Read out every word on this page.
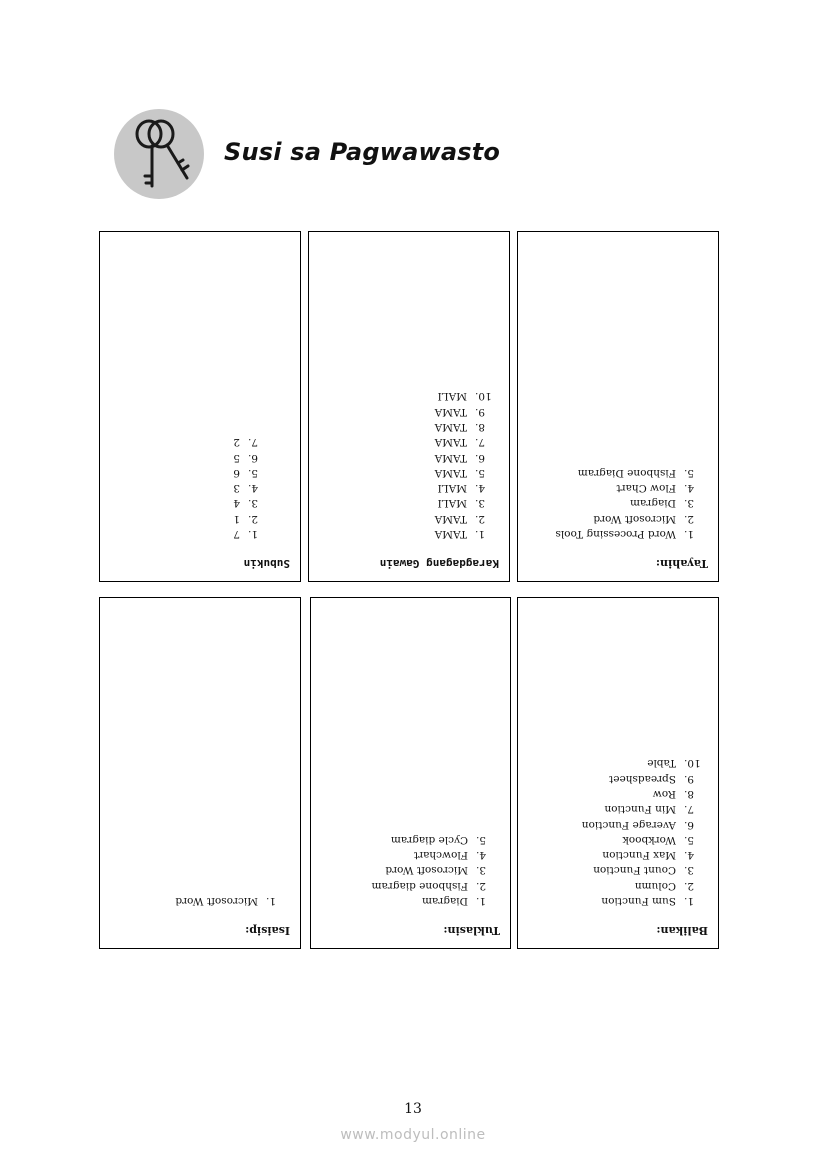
Susi sa Pagwawasto
Subukin
1.7
2.1
3.4
4.3
5.6
6.5
7.2
Karagdagang Gawain
1.TAMA
2.TAMA
3.MALI
4.MALI
5.TAMA
6.TAMA
7.TAMA
8.TAMA
9.TAMA
10.MALI
Tayahin:
1.Word Processing Tools
2.Microsoft Word
3.Diagram
4.Flow Chart
5.Fishbone Diagram
Isaisip:
1.Microsoft Word
Tuklasin:
1.Diagram
2.Fishbone diagram
3.Microsoft Word
4.Flowchart
5.Cycle diagram
Balikan:
1.Sum Function
2.Column
3.Count Function
4.Max Function
5.Workbook
6.Average Function
7.Min Function
8.Row
9.Spreadsheet
10.Table
13
www.modyul.online
